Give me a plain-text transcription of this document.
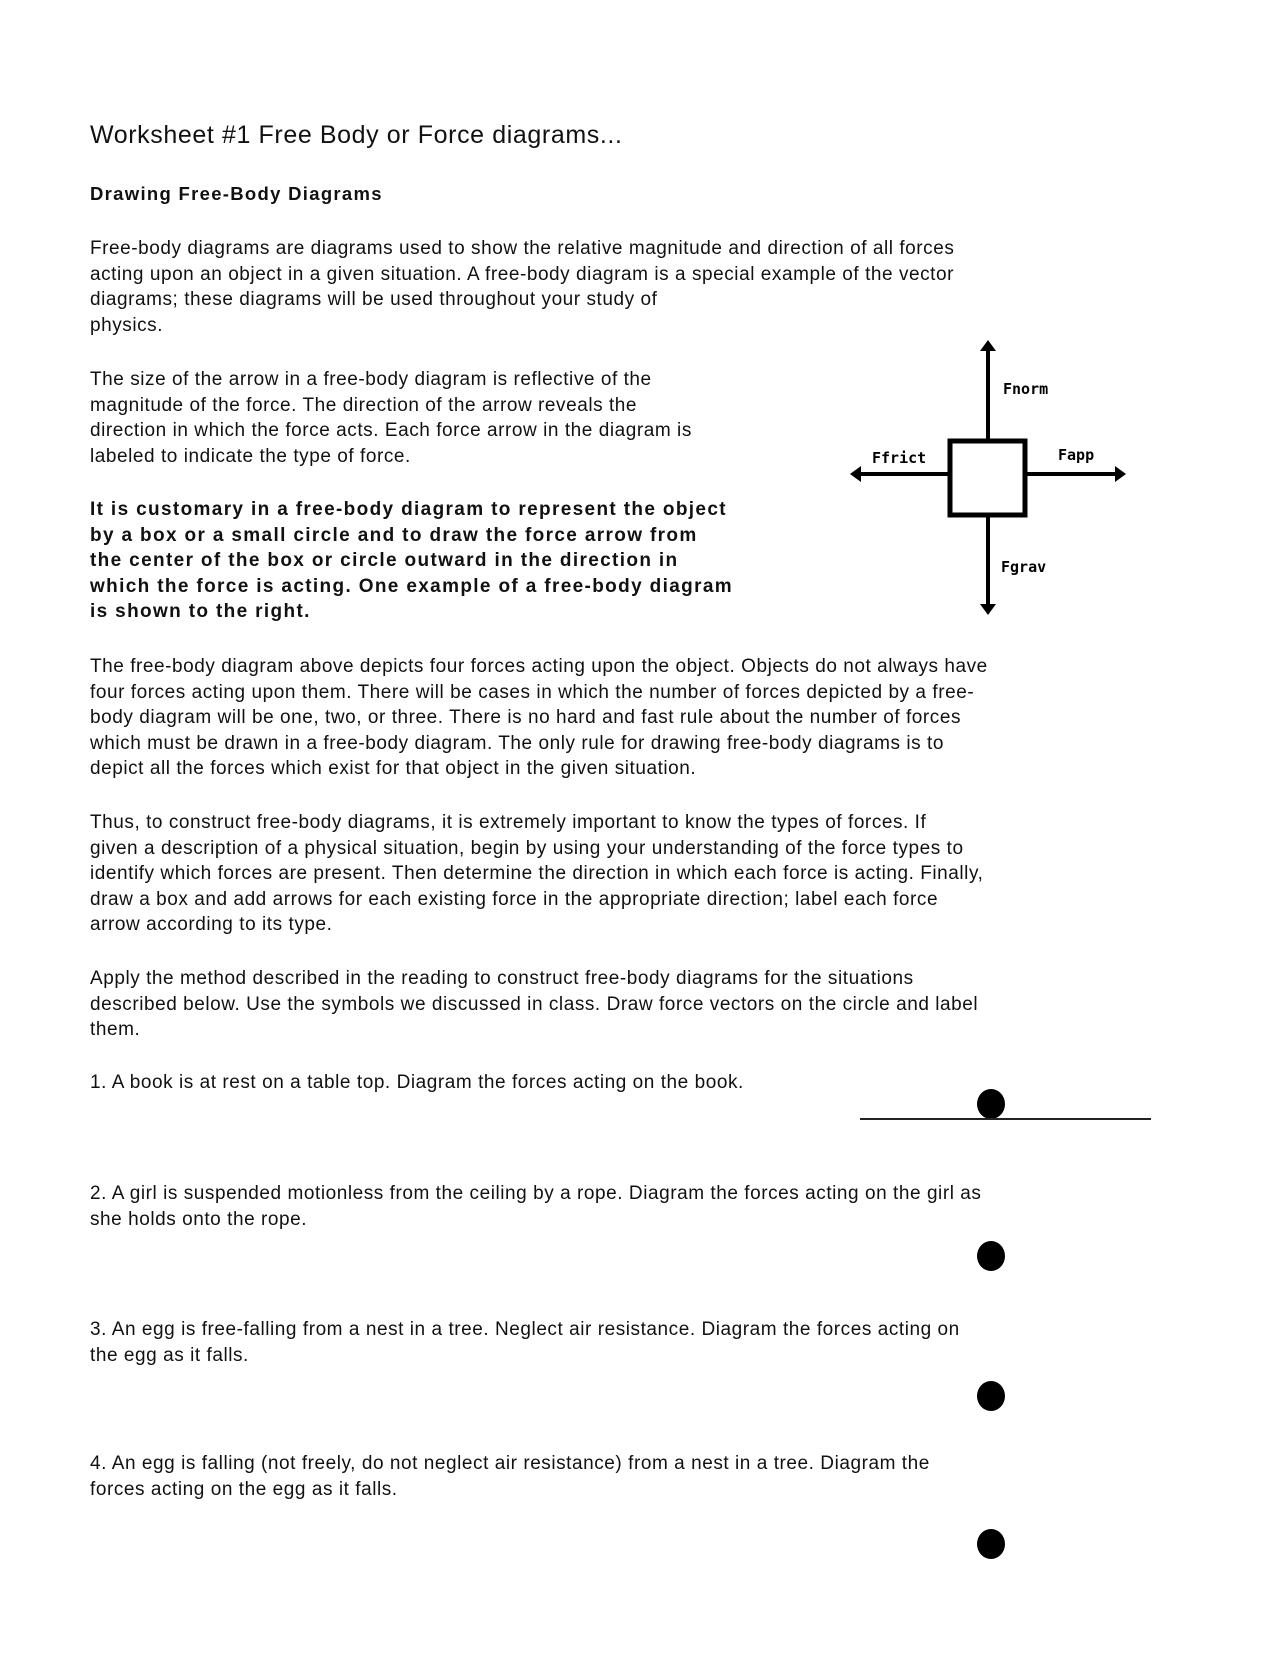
Worksheet #1 Free Body or Force diagrams...
Drawing Free-Body Diagrams
Free-body diagrams are diagrams used to show the relative magnitude and direction of all forces
acting upon an object in a given situation. A free-body diagram is a special example of the vector
diagrams; these diagrams will be used throughout your study of
physics.
The size of the arrow in a free-body diagram is reflective of the
magnitude of the force. The direction of the arrow reveals the
direction in which the force acts. Each force arrow in the diagram is
labeled to indicate the type of force.
It is customary in a free-body diagram to represent the object
by a box or a small circle and to draw the force arrow from
the center of the box or circle outward in the direction in
which the force is acting. One example of a free-body diagram
is shown to the right.
Fnorm
Ffrict	Fapp
Fgrav
The free-body diagram above depicts four forces acting upon the object. Objects do not always have
four forces acting upon them. There will be cases in which the number of forces depicted by a free-
body diagram will be one, two, or three. There is no hard and fast rule about the number of forces
which must be drawn in a free-body diagram. The only rule for drawing free-body diagrams is to
depict all the forces which exist for that object in the given situation.
Thus, to construct free-body diagrams, it is extremely important to know the types of forces. If
given a description of a physical situation, begin by using your understanding of the force types to
identify which forces are present. Then determine the direction in which each force is acting. Finally,
draw a box and add arrows for each existing force in the appropriate direction; label each force
arrow according to its type.
Apply the method described in the reading to construct free-body diagrams for the situations
described below. Use the symbols we discussed in class. Draw force vectors on the circle and label
them.
1. A book is at rest on a table top. Diagram the forces acting on the book.
2. A girl is suspended motionless from the ceiling by a rope. Diagram the forces acting on the girl as
she holds onto the rope.
3. An egg is free-falling from a nest in a tree. Neglect air resistance. Diagram the forces acting on
the egg as it falls.
4. An egg is falling (not freely, do not neglect air resistance) from a nest in a tree. Diagram the
forces acting on the egg as it falls.
